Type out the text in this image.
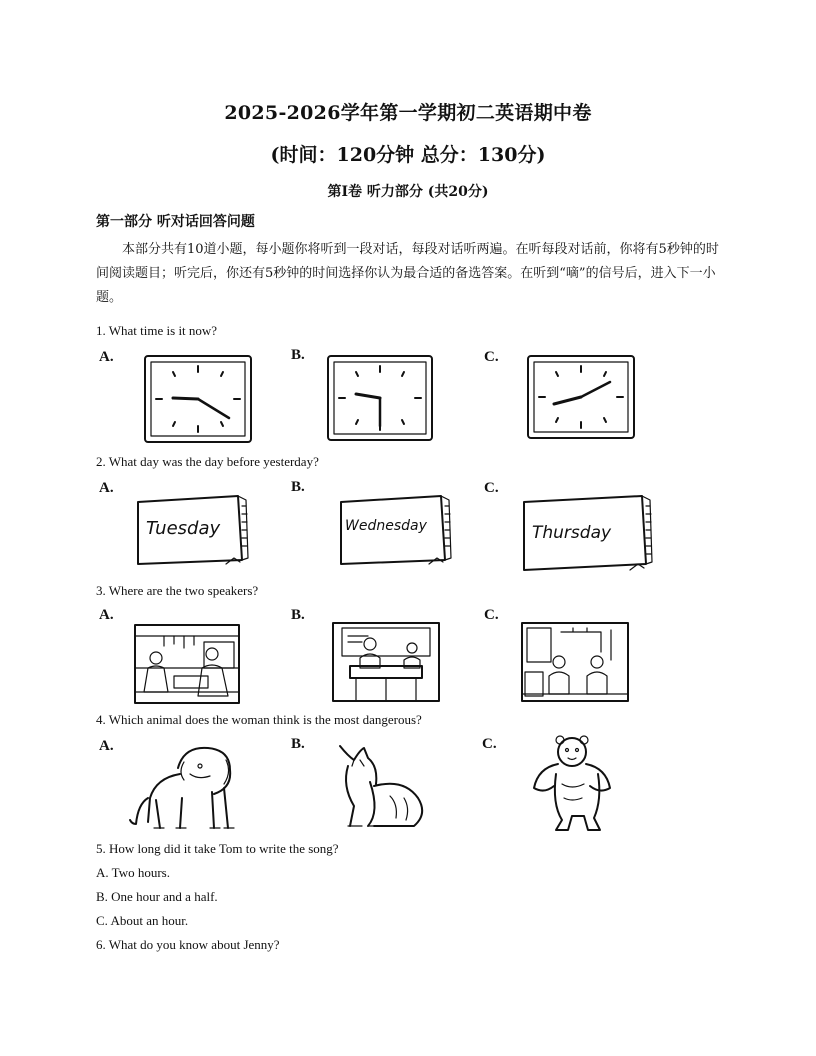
2025-2026学年第一学期初二英语期中卷
(时间：120分钟 总分：130分)
第I卷 听力部分 (共20分)
第一部分 听对话回答问题

本部分共有10道小题，每小题你将听到一段对话，每段对话听两遍。在听每段对话前，你将有5秒钟的时间阅读题目；听完后，你还有5秒钟的时间选择你认为最合适的备选答案。在听到“嘀”的信号后，进入下一小题。

1. What time is it now?
A.	B.	C.
2. What day was the day before yesterday?
A.	B.	C.
Tuesday	Wednesday	Thursday
3. Where are the two speakers?
A.	B.	C.
4. Which animal does the woman think is the most dangerous?
A.	B.	C.
5. How long did it take Tom to write the song?
A. Two hours.
B. One hour and a half.
C. About an hour.
6. What do you know about Jenny?
